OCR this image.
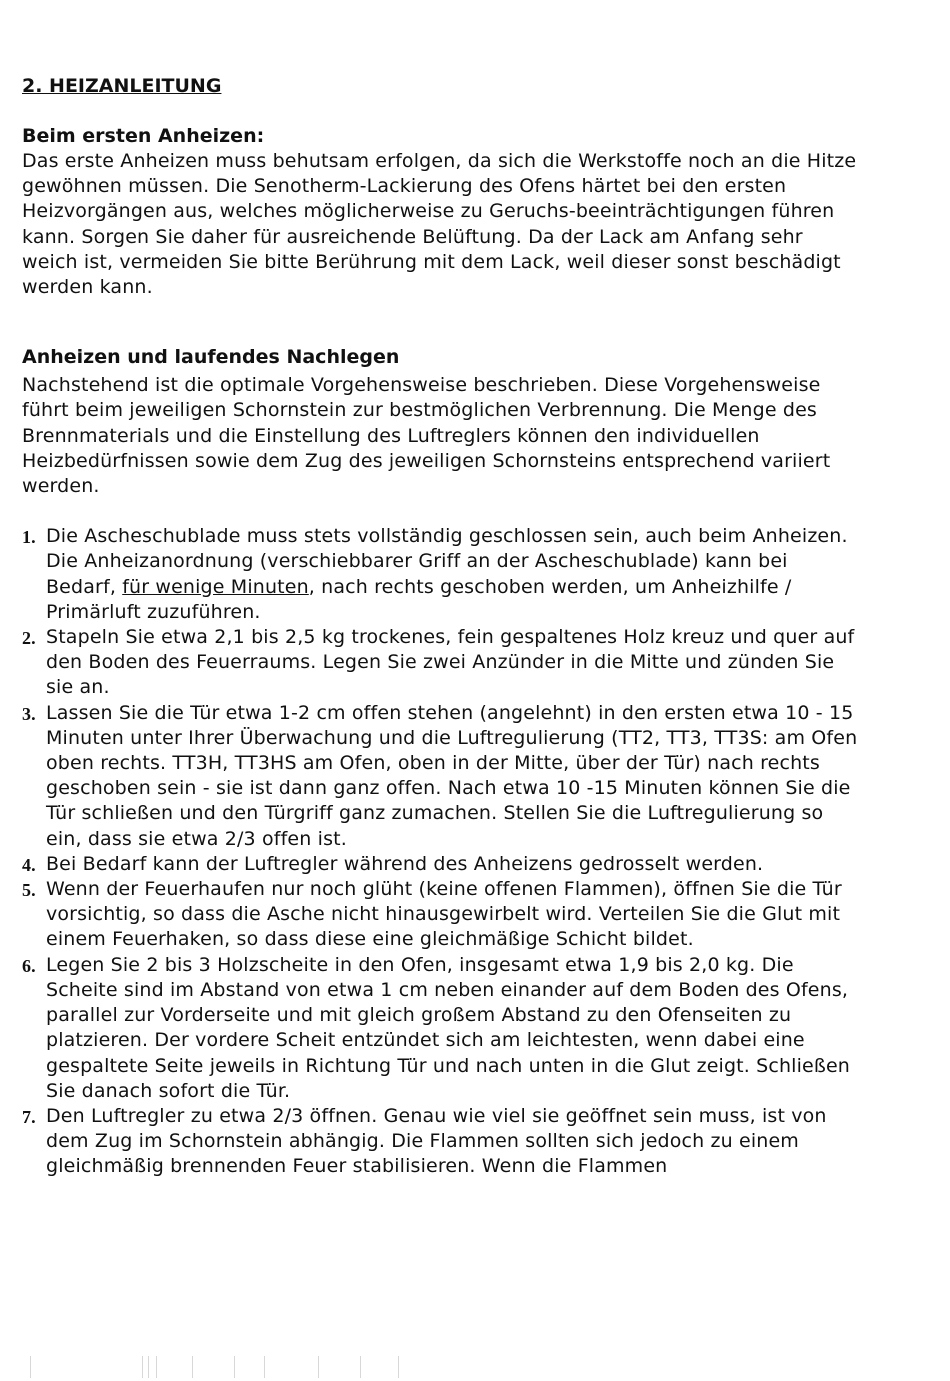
2. HEIZANLEITUNG

Beim ersten Anheizen:

Das erste Anheizen muss behutsam erfolgen, da sich die Werkstoffe noch an die Hitze gewöhnen müssen. Die Senotherm-Lackierung des Ofens härtet bei den ersten Heizvorgängen aus, welches möglicherweise zu Geruchs-beeinträchtigungen führen kann. Sorgen Sie daher für ausreichende Belüftung. Da der Lack am Anfang sehr weich ist, vermeiden Sie bitte Berührung mit dem Lack, weil dieser sonst beschädigt werden kann.

Anheizen und laufendes Nachlegen

Nachstehend ist die optimale Vorgehensweise beschrieben. Diese Vorgehensweise führt beim jeweiligen Schornstein zur bestmöglichen Verbrennung. Die Menge des Brennmaterials und die Einstellung des Luftreglers können den individuellen Heizbedürfnissen sowie dem Zug des jeweiligen Schornsteins entsprechend variiert werden.

1. Die Ascheschublade muss stets vollständig geschlossen sein, auch beim Anheizen. Die Anheizanordnung (verschiebbarer Griff an der Ascheschublade) kann bei Bedarf, für wenige Minuten, nach rechts geschoben werden, um Anheizhilfe / Primärluft zuzuführen.
2. Stapeln Sie etwa 2,1 bis 2,5 kg trockenes, fein gespaltenes Holz kreuz und quer auf den Boden des Feuerraums. Legen Sie zwei Anzünder in die Mitte und zünden Sie sie an.
3. Lassen Sie die Tür etwa 1-2 cm offen stehen (angelehnt) in den ersten etwa 10 - 15 Minuten unter Ihrer Überwachung und die Luftregulierung (TT2, TT3, TT3S: am Ofen oben rechts. TT3H, TT3HS am Ofen, oben in der Mitte, über der Tür) nach rechts geschoben sein - sie ist dann ganz offen. Nach etwa 10 -15 Minuten können Sie die Tür schließen und den Türgriff ganz zumachen. Stellen Sie die Luftregulierung so ein, dass sie etwa 2/3 offen ist.
4. Bei Bedarf kann der Luftregler während des Anheizens gedrosselt werden.
5. Wenn der Feuerhaufen nur noch glüht (keine offenen Flammen), öffnen Sie die Tür vorsichtig, so dass die Asche nicht hinausgewirbelt wird. Verteilen Sie die Glut mit einem Feuerhaken, so dass diese eine gleichmäßige Schicht bildet.
6. Legen Sie 2 bis 3 Holzscheite in den Ofen, insgesamt etwa 1,9 bis 2,0 kg. Die Scheite sind im Abstand von etwa 1 cm neben einander auf dem Boden des Ofens, parallel zur Vorderseite und mit gleich großem Abstand zu den Ofenseiten zu platzieren. Der vordere Scheit entzündet sich am leichtesten, wenn dabei eine gespaltete Seite jeweils in Richtung Tür und nach unten in die Glut zeigt. Schließen Sie danach sofort die Tür.
7. Den Luftregler zu etwa 2/3 öffnen. Genau wie viel sie geöffnet sein muss, ist von dem Zug im Schornstein abhängig. Die Flammen sollten sich jedoch zu einem gleichmäßig brennenden Feuer stabilisieren. Wenn die Flammen
